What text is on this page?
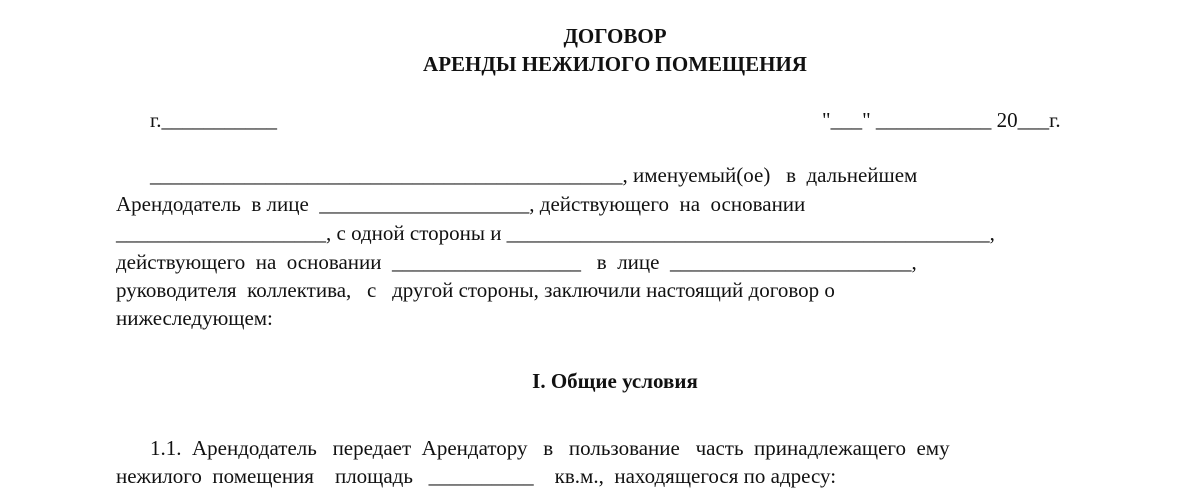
ДОГОВОР
АРЕНДЫ НЕЖИЛОГО ПОМЕЩЕНИЯ
г.___________	"___" ___________ 20___г.
_____________________________________________, именуемый(ое)   в  дальнейшем
Арендодатель  в лице  ____________________, действующего  на  основании
____________________, с одной стороны и ______________________________________________,
действующего  на  основании  __________________   в  лице  _______________________,
руководителя  коллектива,   с   другой стороны, заключили настоящий договор о
нижеследующем:
I. Общие условия
1.1.  Арендодатель   передает  Арендатору   в   пользование   часть  принадлежащего  ему
нежилого  помещения    площадь   __________    кв.м.,  находящегося по адресу:
